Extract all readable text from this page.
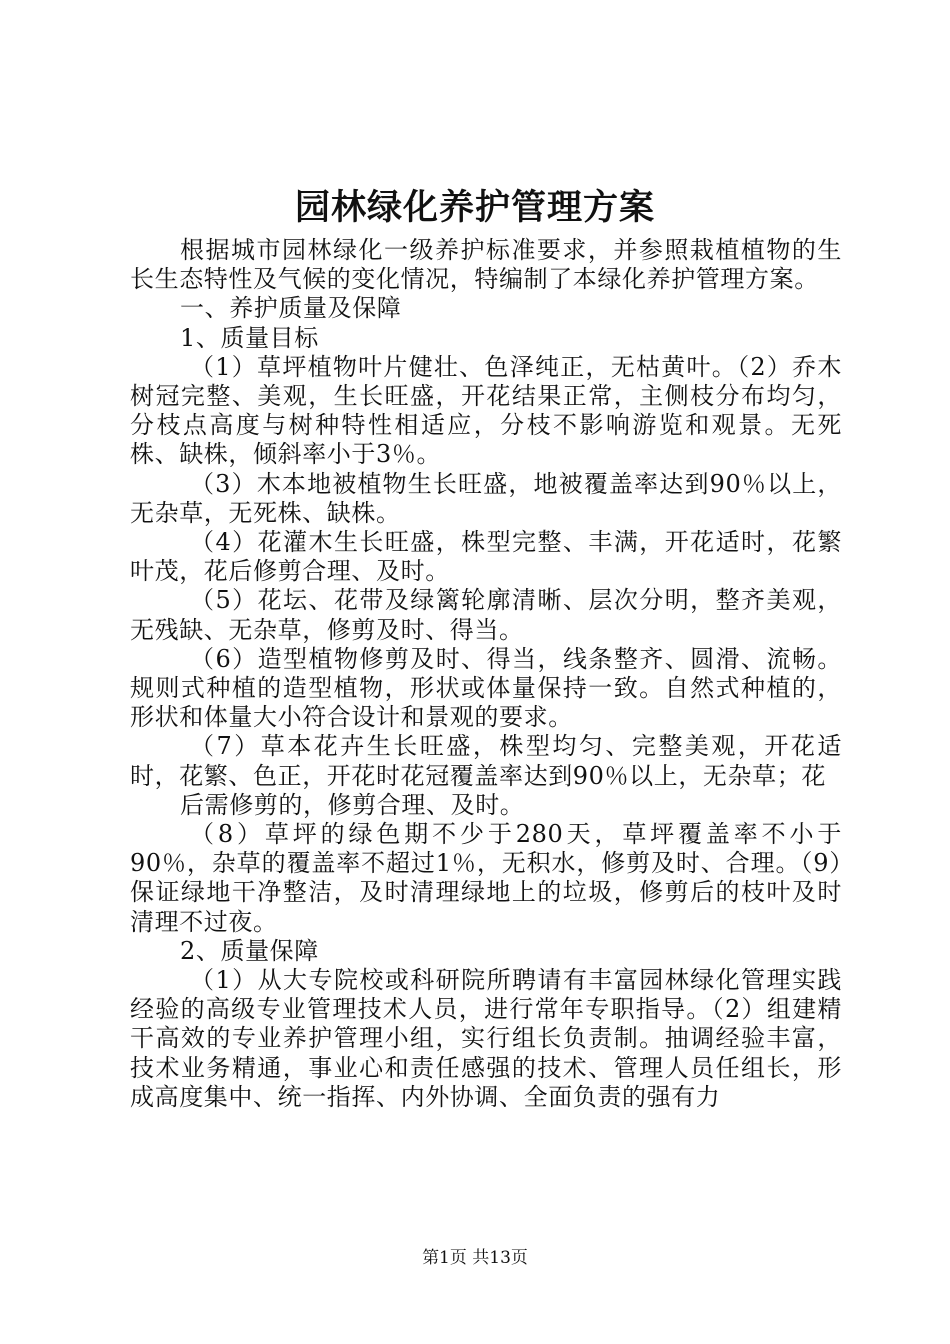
园林绿化养护管理方案

根据城市园林绿化一级养护标准要求，并参照栽植植物的生长生态特性及气候的变化情况，特编制了本绿化养护管理方案。

一、养护质量及保障

1、质量目标

（1）草坪植物叶片健壮、色泽纯正，无枯黄叶。（2）乔木树冠完整、美观，生长旺盛，开花结果正常，主侧枝分布均匀，分枝点高度与树种特性相适应，分枝不影响游览和观景。无死株、缺株，倾斜率小于3％。

（3）木本地被植物生长旺盛，地被覆盖率达到90％以上，无杂草，无死株、缺株。

（4）花灌木生长旺盛，株型完整、丰满，开花适时，花繁叶茂，花后修剪合理、及时。

（5）花坛、花带及绿篱轮廓清晰、层次分明，整齐美观，无残缺、无杂草，修剪及时、得当。

（6）造型植物修剪及时、得当，线条整齐、圆滑、流畅。规则式种植的造型植物，形状或体量保持一致。自然式种植的，形状和体量大小符合设计和景观的要求。

（7）草本花卉生长旺盛，株型均匀、完整美观，开花适时，花繁、色正，开花时花冠覆盖率达到90％以上，无杂草；花

后需修剪的，修剪合理、及时。

（8）草坪的绿色期不少于280天，草坪覆盖率不小于90％，杂草的覆盖率不超过1％，无积水，修剪及时、合理。（9）保证绿地干净整洁，及时清理绿地上的垃圾，修剪后的枝叶及时清理不过夜。

2、质量保障

（1）从大专院校或科研院所聘请有丰富园林绿化管理实践经验的高级专业管理技术人员，进行常年专职指导。（2）组建精干高效的专业养护管理小组，实行组长负责制。抽调经验丰富，技术业务精通，事业心和责任感强的技术、管理人员任组长，形成高度集中、统一指挥、内外协调、全面负责的强有力

第1页 共13页
